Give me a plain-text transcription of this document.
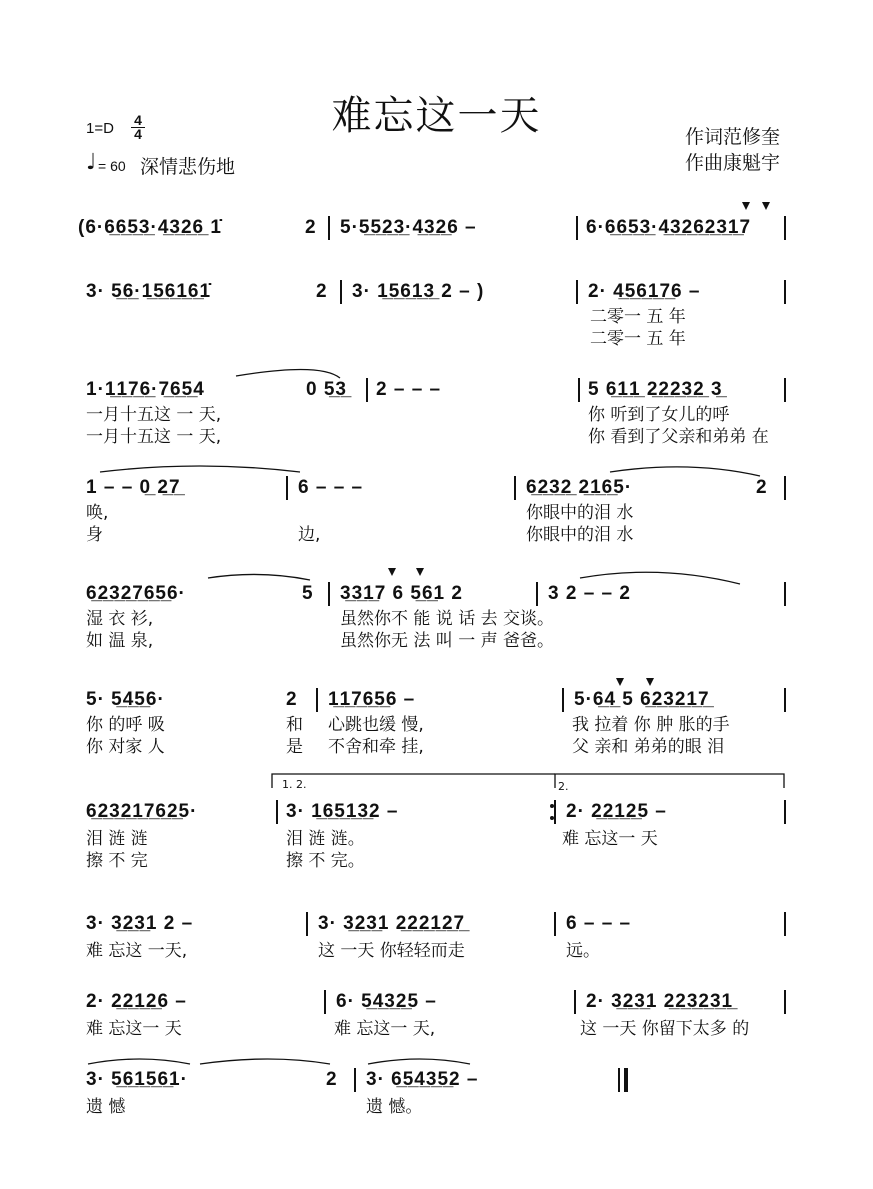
难忘这一天
1=D 4
4
♩ = 60 深情悲伤地
作词范修奎
作曲康魁宇
(6·6̲6̲5̲3̲·4̲3̲2̲6̲ 1̇	2 5·5̲5̲2̲3̲·4̲3̲2̲6 –	6·6̲6̲5̲3̲·4̲3̲2̲6̲2̲3̲1̲7
3· 5̲6̲·1̲5̲6̲1̲6̲1̇	2 3· 1̲5̲6̲1̲3̲ 2 – )	2· 4̲5̲6̲1̲7̲6 –
二零一 五 年
二零一 五 年
1·1̲1̲7̲6̲·7̲6̲5̲4	0 5̲3̲ 2 – – –	5 6̲1̲1̲ 2̲2̲2̲3̲2̲ 3̲
一月十五这 一 天,	你 听到了女儿的呼
一月十五这 一 天,	你 看到了父亲和弟弟 在
1 – – 0̲ 2̲7̲	6 – – –	6̲2̲3̲2̲ 2̲1̲6̲5·	2
唤,	你眼中的泪 水
身	边,	你眼中的泪 水
6̲2̲3̲2̲7̲6̲5̲6·	5 3̲3̲1̲7 6 5̲6̲1 2	3 2 – – 2
湿 衣 衫,	虽然你不 能 说 话 去 交谈。
如 温 泉,	虽然你无 法 叫 一 声 爸爸。
5· 5̲4̲5̲6·	2 1̲1̲7̲6̲5̲6 –	5·6̲4̲ 5 6̲2̲3̲2̲1̲7̲
你 的呼 吸	和 心跳也缓 慢,	我 拉着 你 肿 胀的手
你 对家 人	是 不舍和牵 挂,	父 亲和 弟弟的眼 泪
1. 2.	2.
6̲2̲3̲2̲1̲7̲6̲2̲5·	3· 1̲6̲5̲1̲3̲2 –	2· 2̲2̲1̲2̲5 –
泪 涟 涟	泪 涟 涟。	难 忘这一 天
擦 不 完	擦 不 完。
3· 3̲2̲3̲1 2 –	3· 3̲2̲3̲1 2̲2̲2̲1̲2̲7̲	6 – – –
难 忘这 一天,	这 一天 你轻轻而走	远。
2· 2̲2̲1̲2̲6 –	6· 5̲4̲3̲2̲5 –	2· 3̲2̲3̲1 2̲2̲3̲2̲3̲1̲
难 忘这一 天	难 忘这一 天,	这 一天 你留下太多 的
3· 5̲6̲1̲5̲6̲1·	2 3· 6̲5̲4̲3̲5̲2 –
遗 憾	遗 憾。
